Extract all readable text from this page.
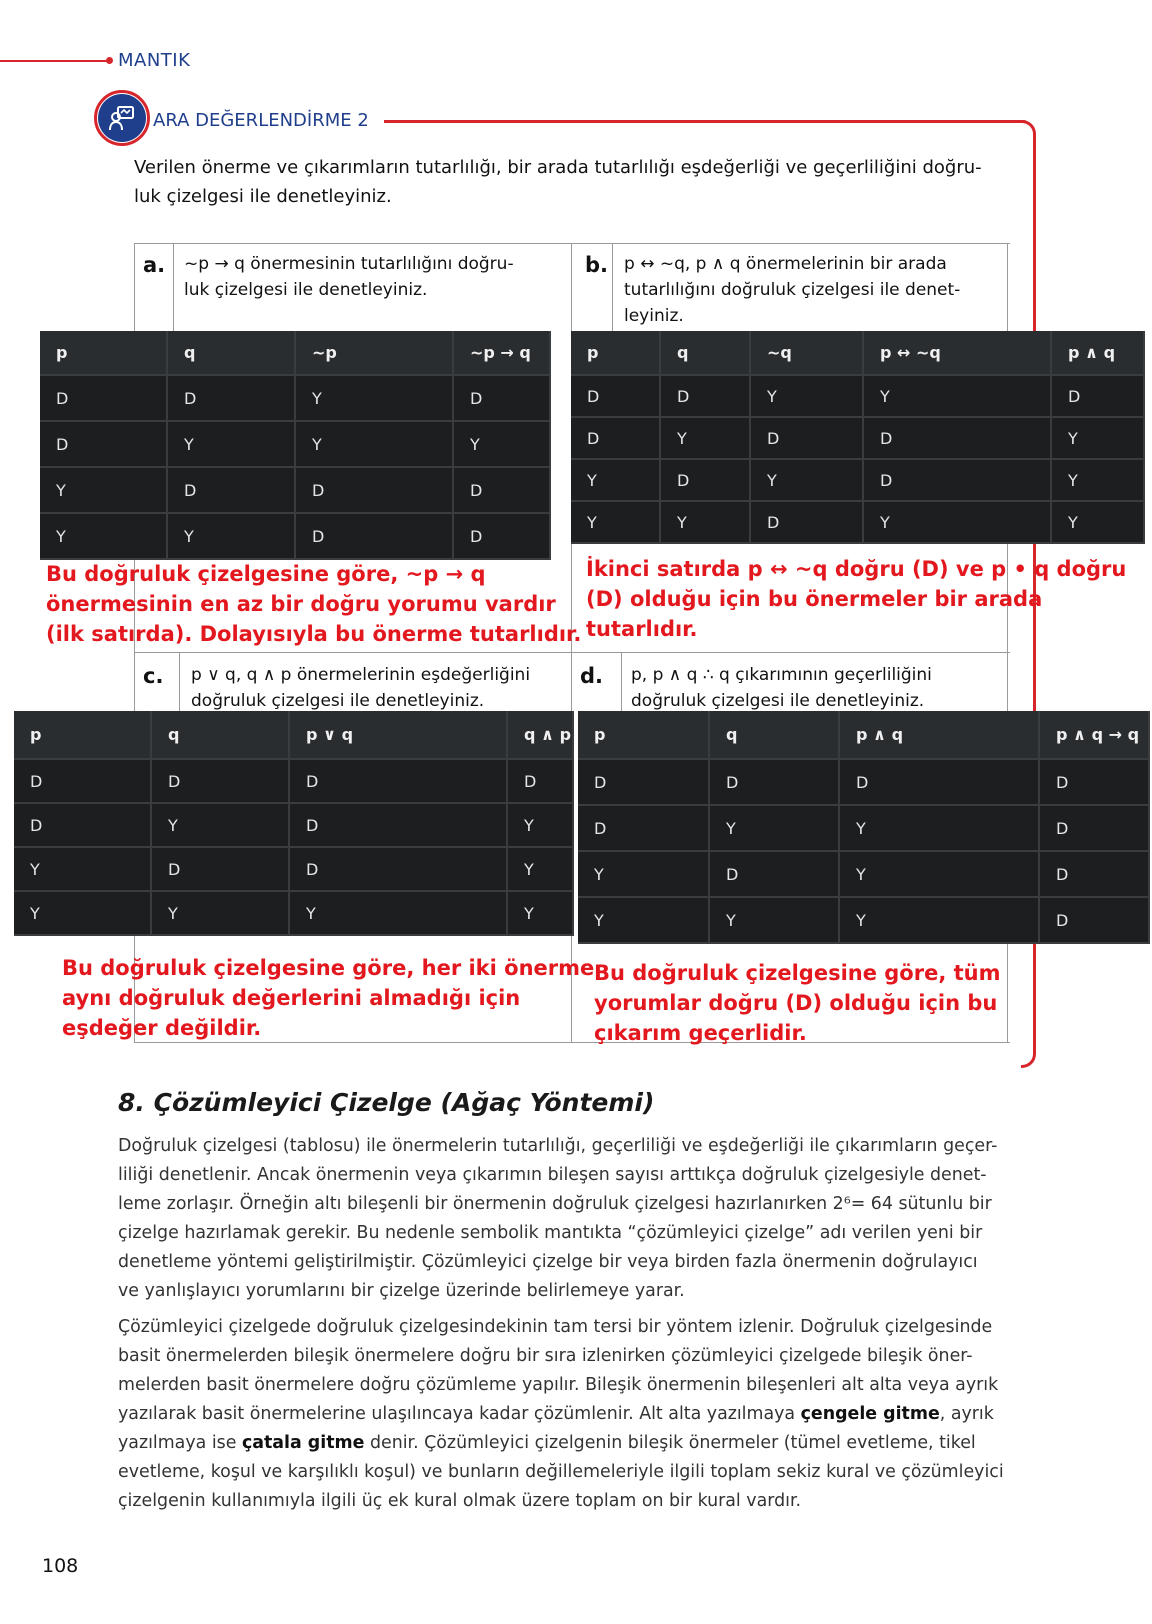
MANTIK
ARA DEĞERLENDİRME 2
Verilen önerme ve çıkarımların tutarlılığı, bir arada tutarlılığı eşdeğerliği ve geçerliliğini doğru-
luk çizelgesi ile denetleyiniz.
a. ~p → q önermesinin tutarlılığını doğru-
luk çizelgesi ile denetleyiniz.
p	q	~p	~p → q
D	D	Y	D
D	Y	Y	Y
Y	D	D	D
Y	Y	D	D
Bu doğruluk çizelgesine göre, ~p → q
önermesinin en az bir doğru yorumu vardır
(ilk satırda). Dolayısıyla bu önerme tutarlıdır.
b. p ↔ ~q, p ∧ q önermelerinin bir arada
tutarlılığını doğruluk çizelgesi ile denet-
leyiniz.
p	q	~q	p ↔ ~q	p ∧ q
D	D	Y	Y	D
D	Y	D	D	Y
Y	D	Y	D	Y
Y	Y	D	Y	Y
İkinci satırda p ↔ ~q doğru (D) ve p • q doğru
(D) olduğu için bu önermeler bir arada
tutarlıdır.
c. p ∨ q, q ∧ p önermelerinin eşdeğerliğini
doğruluk çizelgesi ile denetleyiniz.
p	q	p ∨ q	q ∧ p
D	D	D	D
D	Y	D	Y
Y	D	D	Y
Y	Y	Y	Y
Bu doğruluk çizelgesine göre, her iki önerme
aynı doğruluk değerlerini almadığı için
eşdeğer değildir.
d. p, p ∧ q ∴ q çıkarımının geçerliliğini
doğruluk çizelgesi ile denetleyiniz.
p	q	p ∧ q	p ∧ q → q
D	D	D	D
D	Y	Y	D
Y	D	Y	D
Y	Y	Y	D
Bu doğruluk çizelgesine göre, tüm
yorumlar doğru (D) olduğu için bu
çıkarım geçerlidir.
8. Çözümleyici Çizelge (Ağaç Yöntemi)
Doğruluk çizelgesi (tablosu) ile önermelerin tutarlılığı, geçerliliği ve eşdeğerliği ile çıkarımların geçer-
liliği denetlenir. Ancak önermenin veya çıkarımın bileşen sayısı arttıkça doğruluk çizelgesiyle denet-
leme zorlaşır. Örneğin altı bileşenli bir önermenin doğruluk çizelgesi hazırlanırken 2⁶= 64 sütunlu bir
çizelge hazırlamak gerekir. Bu nedenle sembolik mantıkta “çözümleyici çizelge” adı verilen yeni bir
denetleme yöntemi geliştirilmiştir. Çözümleyici çizelge bir veya birden fazla önermenin doğrulayıcı
ve yanlışlayıcı yorumlarını bir çizelge üzerinde belirlemeye yarar.
Çözümleyici çizelgede doğruluk çizelgesindekinin tam tersi bir yöntem izlenir. Doğruluk çizelgesinde
basit önermelerden bileşik önermelere doğru bir sıra izlenirken çözümleyici çizelgede bileşik öner-
melerden basit önermelere doğru çözümleme yapılır. Bileşik önermenin bileşenleri alt alta veya ayrık
yazılarak basit önermelerine ulaşılıncaya kadar çözümlenir. Alt alta yazılmaya çengele gitme, ayrık
yazılmaya ise çatala gitme denir. Çözümleyici çizelgenin bileşik önermeler (tümel evetleme, tikel
evetleme, koşul ve karşılıklı koşul) ve bunların değillemeleriyle ilgili toplam sekiz kural ve çözümleyici
çizelgenin kullanımıyla ilgili üç ek kural olmak üzere toplam on bir kural vardır.
108
